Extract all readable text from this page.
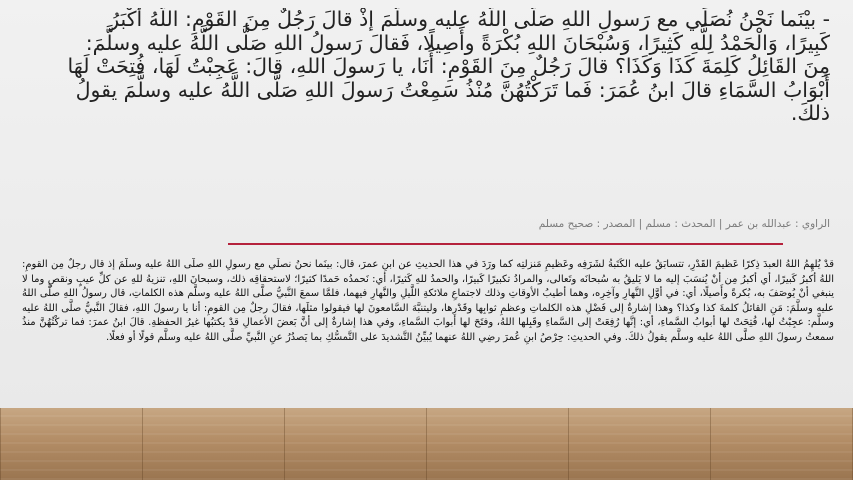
- بيْنَما نَحْنُ نُصَلِّي مع رَسولِ اللهِ صَلَّى اللَّهُ عليه وسلَّمَ إذْ قالَ رَجُلٌ مِنَ القَوْمِ: اللَّهُ أَكْبَرُ كَبِيرًا، وَالْحَمْدُ لِلَّهِ كَثِيرًا، وَسُبْحَانَ اللهِ بُكْرَةً وأَصِيلًا، فَقالَ رَسولُ اللهِ صَلَّى اللَّهُ عليه وسلَّمَ: مِنَ القَائِلُ كَلِمَةَ كَذَا وَكَذَا؟ قالَ رَجُلٌ مِنَ القَوْمِ: أَنَا، يا رَسولَ اللهِ، قالَ: عَجِبْتُ لَهَا، فُتِحَتْ لَهَا أَبْوَابُ السَّمَاءِ قالَ ابنُ عُمَرَ: فَما تَرَكْتُهُنَّ مُنْذُ سَمِعْتُ رَسولَ اللهِ صَلَّى اللَّهُ عليه وسلَّمَ يقولُ ذلكَ.

الراوي : عبدالله بن عمر | المحدث : مسلم | المصدر : صحيح مسلم

قدْ يُلهِمُ اللهُ العبدَ ذِكرًا عَظيمَ القَدْرِ، تتسابَقُ عليه الكَتَبةُ لشَرَفِه وعَظيمِ مَنزلتِه كما ورَدَ في هذا الحديثِ عن ابنِ عمرَ، قال: بينَما نحنُ نصلِّي مع رسولِ اللهِ صلَّى اللهُ عليه وسلَّمَ إذ قال رجلٌ مِن القومِ: اللهُ أكبرُ كَبيرًا، أي أكبرُ مِن أنْ يُنسَبَ إليه ما لا يَليقُ به سُبحانَه وتَعالى، والمرادُ تكبيرًا كَبيرًا، والحمدُ للهِ كَثيرًا، أي: نَحمدُه حَمدًا كثيرًا؛ لاستحقاقِه ذلك، وسبحانَ اللهِ، تنزيهُ للهِ عن كلِّ عيبٍ ونقصٍ وما لا ينبغي أنْ يُوصَفَ به، بُكرةً وأَصيلًا، أي: في أوَّلِ النَّهارِ وآخِرِه، وهما أطيبُ الأوقاتِ وذلك لاجتماعِ ملائكةِ اللَّيلِ والنَّهارِ فيهما، فلمَّا سمعَ النَّبيُّ صلَّى اللهُ عليه وسلَّم هذه الكلماتِ، قال رسولُ اللهِ صلَّى اللهُ عليه وسلَّمَ: مَنِ القائلُ كلمةَ كذا وكذا؟ وهذا إشارةٌ إلى فَضْلِ هذه الكلماتِ وعظمِ ثوابِها وقَدْرِها، وليتنبَّهَ السَّامعونَ لها فيقولوا مثلَها، فقالَ رجلٌ مِن القومِ: أنا يا رسولَ اللهِ، فقالَ النَّبيُّ صلَّى اللهُ عليه وسلَّم: عجِبْتُ لها، فُتِحَتْ لها أبوابُ السَّماءِ، أي: إنَّها رُفِعَتْ إلى السَّماءِ وقَبِلها اللهُ، وفتَحَ لها أبوابَ السَّماءِ، وفي هذا إشارةٌ إلى أنَّ بَعضَ الأعمالِ قدْ يكتبُها غيرُ الحفظةِ. قالَ ابنُ عمرَ: فما تركْتُهُنَّ منذُ سمعتُ رسولَ اللهِ صلَّى اللهُ عليه وسلَّم يقولُ ذلكَ. وفي الحديثِ: حِرْصُ ابنِ عُمرَ رضِي اللهُ عنهما يُبيِّنُ التَّشديدَ على التَّمسُّكِ بما يَصدُرُ عنِ النَّبيِّ صلَّى اللهُ عليه وسلَّم قولًا أو فعلًا.
